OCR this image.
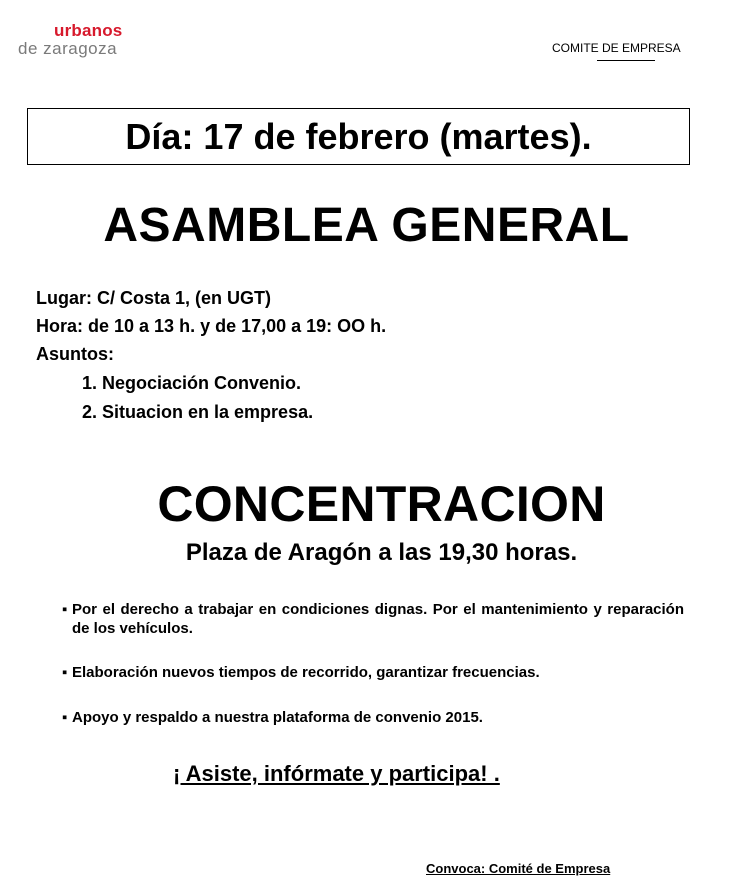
urbanos
de zaragoza	COMITE DE EMPRESA
Día: 17 de febrero (martes).
ASAMBLEA GENERAL
Lugar: C/ Costa 1, (en UGT)
Hora: de 10 a 13 h. y de 17,00 a 19: OO h.
Asuntos:
1. Negociación Convenio.
2. Situacion en la empresa.
CONCENTRACION
Plaza de Aragón a las 19,30 horas.
▪ Por el derecho a trabajar en condiciones dignas. Por el mantenimiento y reparación de los vehículos.
▪ Elaboración nuevos tiempos de recorrido, garantizar frecuencias.
▪ Apoyo y respaldo a nuestra plataforma de convenio 2015.
¡ Asiste, infórmate y participa! .
Convoca: Comité de Empresa
